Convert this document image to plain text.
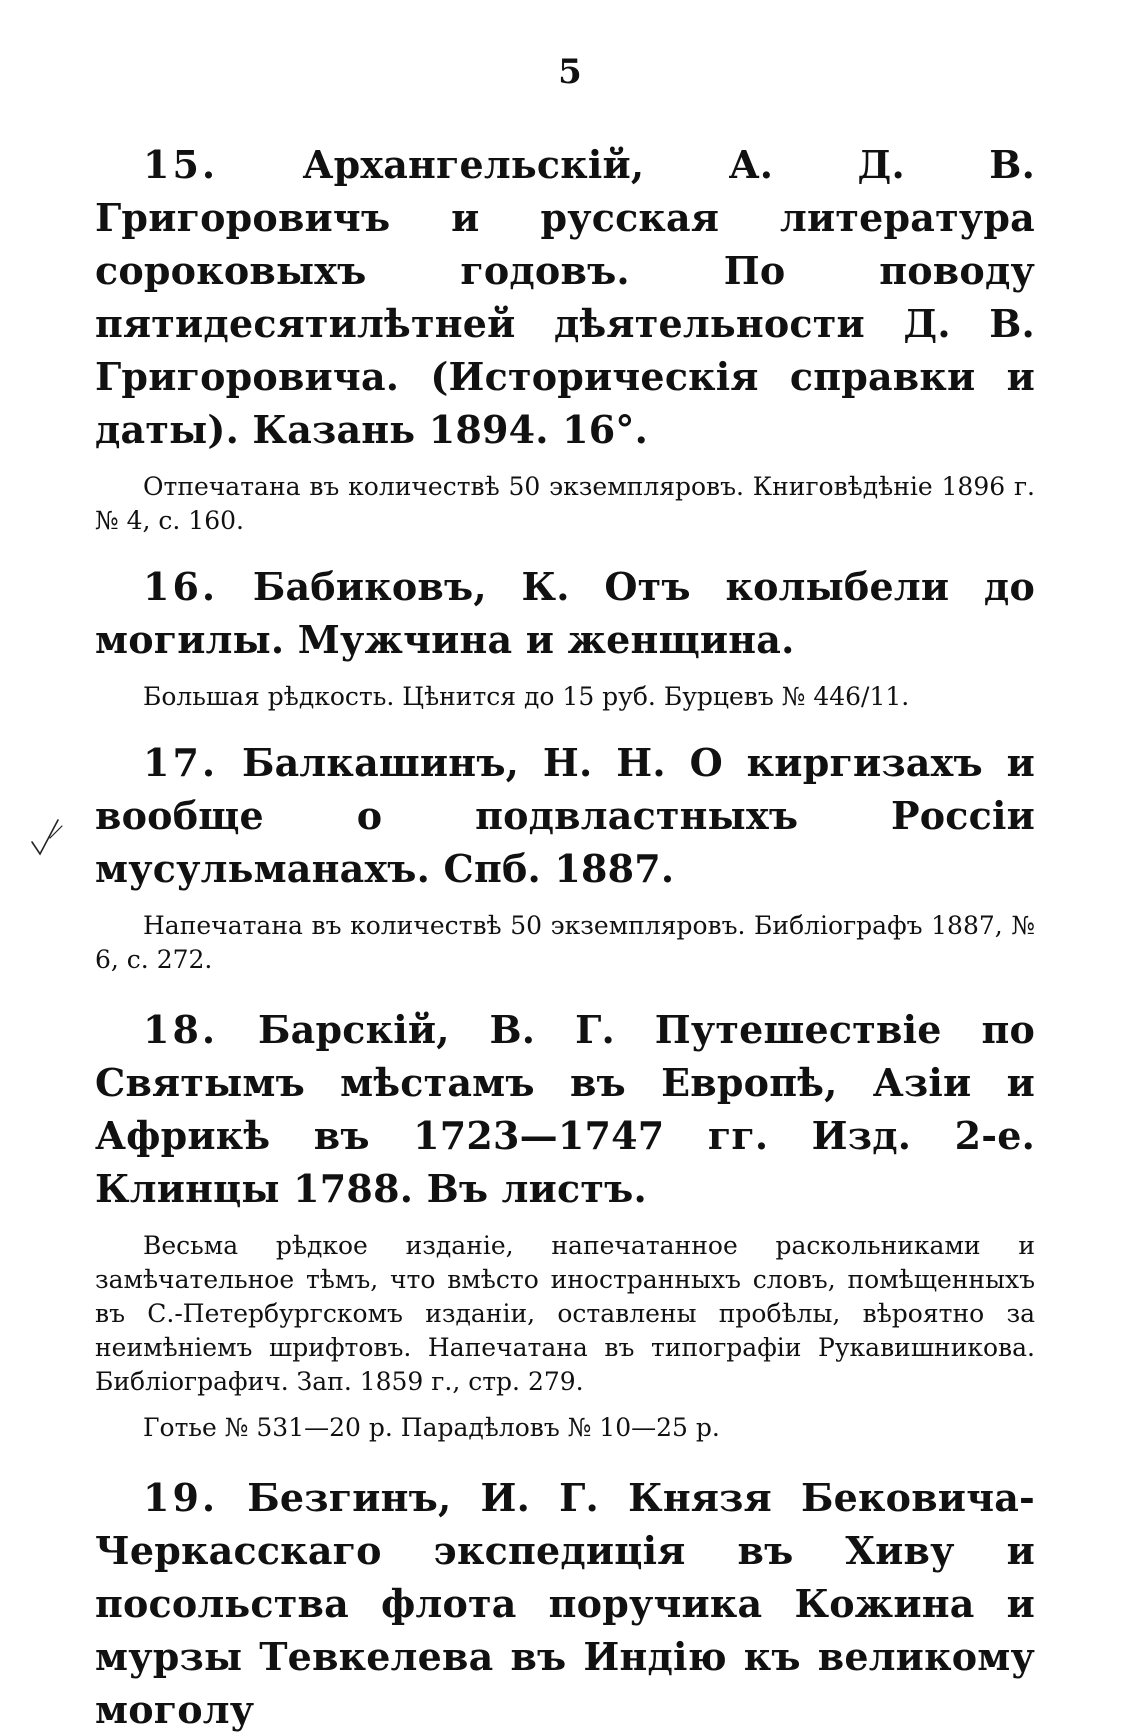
5

15. Архангельскій, А. Д. В. Григоровичъ и русская литература сороковыхъ годовъ. По поводу пятидесятилѣтней дѣятельности Д. В. Григоровича. (Историческія справки и даты). Казань 1894. 16°.

Отпечатана въ количествѣ 50 экземпляровъ. Книговѣдѣніе 1896 г. № 4, с. 160.

16. Бабиковъ, К. Отъ колыбели до могилы. Мужчина и женщина.

Большая рѣдкость. Цѣнится до 15 руб. Бурцевъ № 446/11.

17. Балкашинъ, Н. Н. О киргизахъ и вообще о подвластныхъ Россіи мусульманахъ. Спб. 1887.

Напечатана въ количествѣ 50 экземпляровъ. Библіографъ 1887, № 6, с. 272.

18. Барскій, В. Г. Путешествіе по Святымъ мѣстамъ въ Европѣ, Азіи и Африкѣ въ 1723—1747 гг. Изд. 2-е. Клинцы 1788. Въ листъ.

Весьма рѣдкое изданіе, напечатанное раскольниками и замѣчательное тѣмъ, что вмѣсто иностранныхъ словъ, помѣщенныхъ въ С.-Петербургскомъ изданіи, оставлены пробѣлы, вѣроятно за неимѣніемъ шрифтовъ. Напечатана въ типографіи Рукавишникова. Библіографич. Зап. 1859 г., стр. 279.

Готье № 531—20 р. Парадѣловъ № 10—25 р.

19. Безгинъ, И. Г. Князя Бековича-Черкасскаго экспедиція въ Хиву и посольства флота поручика Кожина и мурзы Тевкелева въ Индію къ великому моголу
